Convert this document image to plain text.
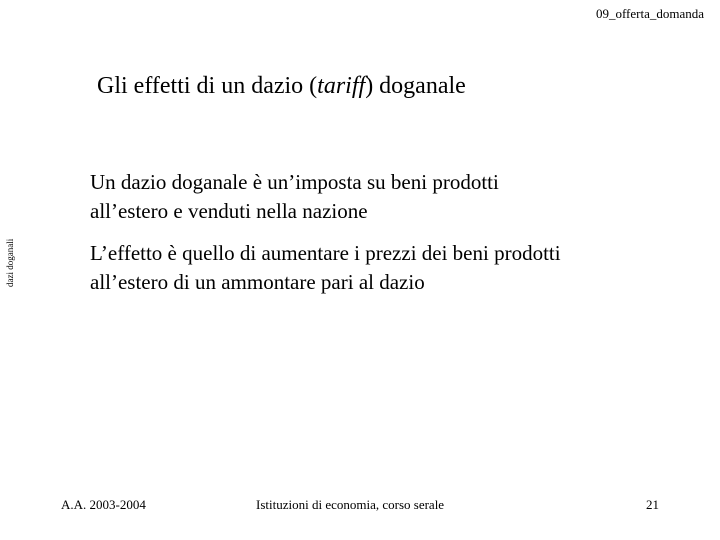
09_offerta_domanda
Gli effetti di un dazio (tariff) doganale
dazi doganali
Un dazio doganale è un’imposta su beni prodotti
all’estero e venduti nella nazione
L’effetto è quello di aumentare i prezzi dei beni prodotti
all’estero di un ammontare pari al dazio
A.A. 2003-2004	Istituzioni di economia, corso serale	21
